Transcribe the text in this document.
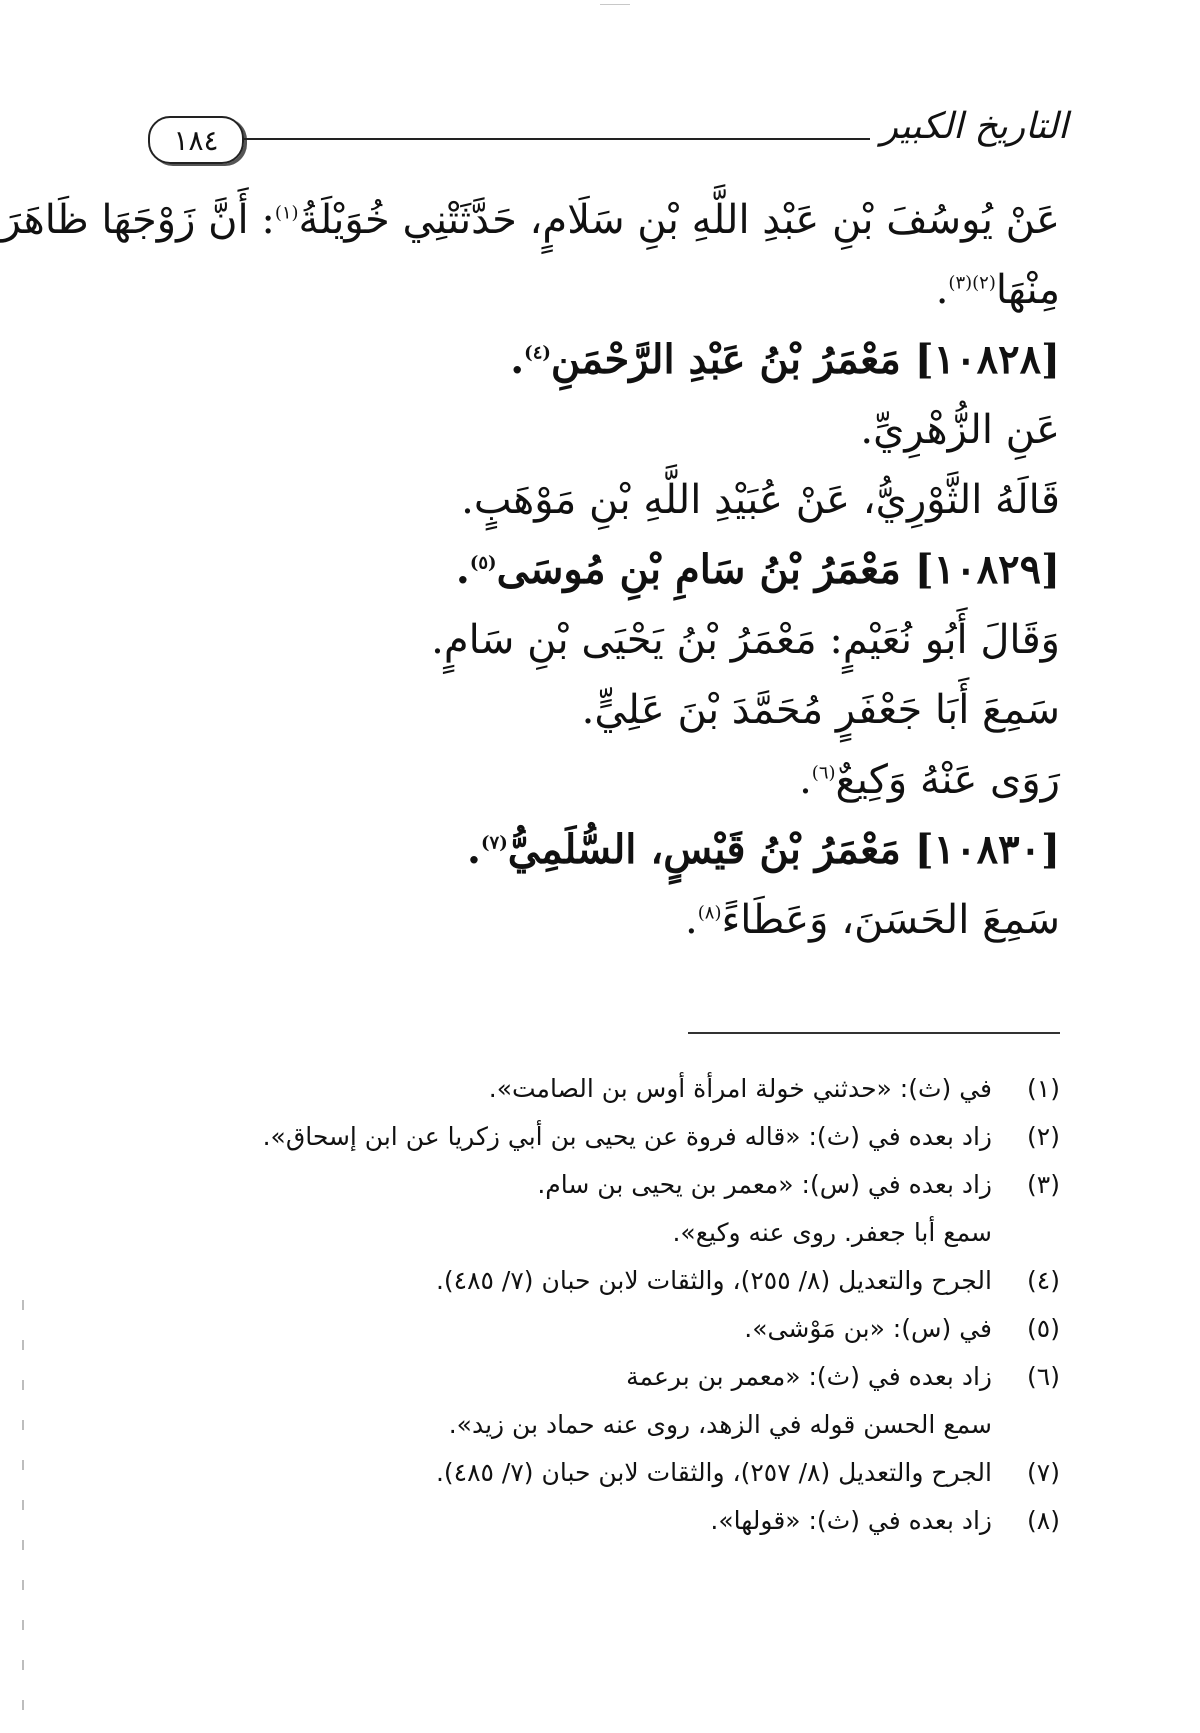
١٨٤	التاريخ الكبير
عَنْ يُوسُفَ بْنِ عَبْدِ اللَّهِ بْنِ سَلَامٍ، حَدَّثَتْنِي خُوَيْلَةُ$^{(١)}$: أَنَّ زَوْجَهَا ظَاهَرَ
مِنْهَا$^{(٢)(٣)}$.
[١٠٨٢٨] مَعْمَرُ بْنُ عَبْدِ الرَّحْمَنِ$^{(٤)}$.
عَنِ الزُّهْرِيِّ.
قَالَهُ الثَّوْرِيُّ، عَنْ عُبَيْدِ اللَّهِ بْنِ مَوْهَبٍ.
[١٠٨٢٩] مَعْمَرُ بْنُ سَامِ بْنِ مُوسَى$^{(٥)}$.
وَقَالَ أَبُو نُعَيْمٍ: مَعْمَرُ بْنُ يَحْيَى بْنِ سَامٍ.
سَمِعَ أَبَا جَعْفَرٍ مُحَمَّدَ بْنَ عَلِيٍّ.
رَوَى عَنْهُ وَكِيعٌ$^{(٦)}$.
[١٠٨٣٠] مَعْمَرُ بْنُ قَيْسٍ، السُّلَمِيُّ$^{(٧)}$.
سَمِعَ الحَسَنَ، وَعَطَاءً$^{(٨)}$.
(١)
في (ث): «حدثني خولة امرأة أوس بن الصامت».
(٢)
زاد بعده في (ث): «قاله فروة عن يحيى بن أبي زكريا عن ابن إسحاق».
(٣)
زاد بعده في (س): «معمر بن يحيى بن سام.
سمع أبا جعفر. روى عنه وكيع».
(٤)
الجرح والتعديل (٨/ ٢٥٥)، والثقات لابن حبان (٧/ ٤٨٥).
(٥)
في (س): «بن مَوْشى».
(٦)
زاد بعده في (ث): «معمر بن برعمة
سمع الحسن قوله في الزهد، روى عنه حماد بن زيد».
(٧)
الجرح والتعديل (٨/ ٢٥٧)، والثقات لابن حبان (٧/ ٤٨٥).
(٨)
زاد بعده في (ث): «قولها».
